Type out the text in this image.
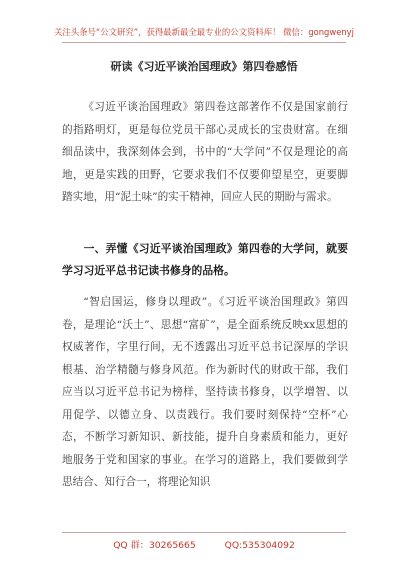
关注头条号“公文研究”，获得最新最全最专业的公文资料库！ 微信：gongwenyj
研读《习近平谈治国理政》第四卷感悟
《习近平谈治国理政》第四卷这部著作不仅是国家前行的指路明灯，更是每位党员干部心灵成长的宝贵财富。在细细品读中，我深刻体会到，书中的“大学问”不仅是理论的高地，更是实践的田野，它要求我们不仅要仰望星空，更要脚踏实地，用“泥土味”的实干精神，回应人民的期盼与需求。
一、弄懂《习近平谈治国理政》第四卷的大学问，就要学习习近平总书记读书修身的品格。
“智启国运，修身以理政”。《习近平谈治国理政》第四卷，是理论“沃土”、思想“富矿”，是全面系统反映xx思想的权威著作，字里行间，无不透露出习近平总书记深厚的学识根基、治学精髓与修身风范。作为新时代的财政干部，我们应当以习近平总书记为榜样，坚持读书修身，以学增智、以用促学、以德立身、以责践行。我们要时刻保持“空杯”心态，不断学习新知识、新技能，提升自身素质和能力，更好地服务于党和国家的事业。在学习的道路上，我们要做到学思结合、知行合一，将理论知识
QQ 群：30265665	QQ:535304092
